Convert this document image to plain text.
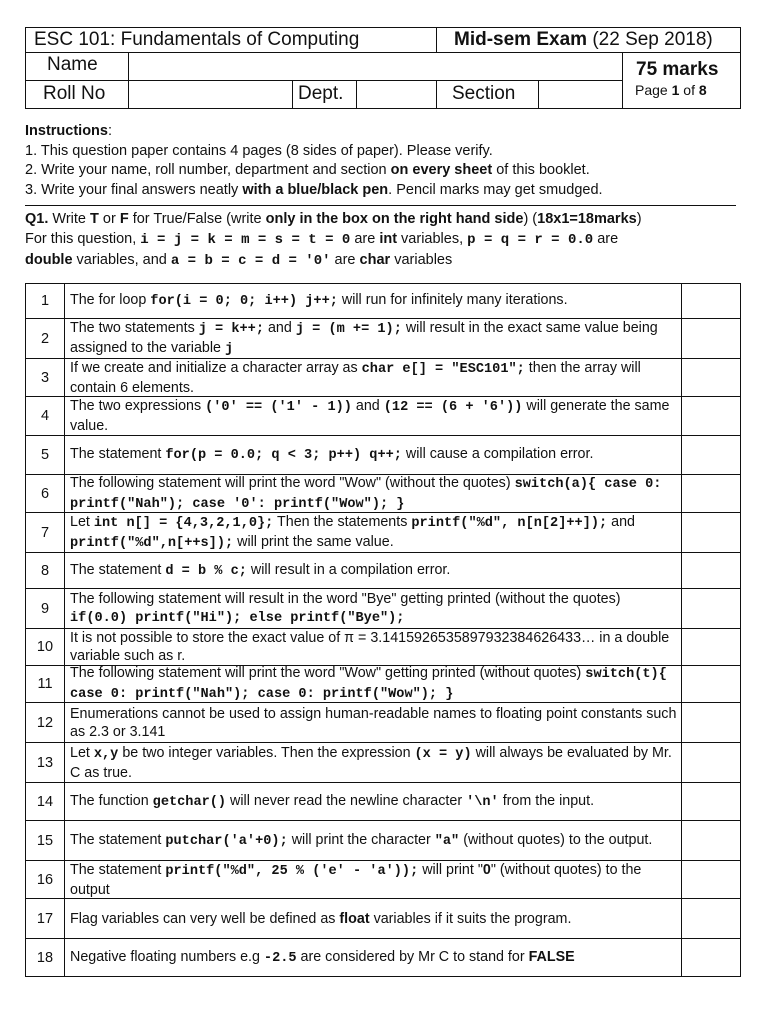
ESC 101: Fundamentals of Computing	Mid-sem Exam (22 Sep 2018)
Name	75 marks
Roll No	Dept.	Section	Page 1 of 8
Instructions:
1. This question paper contains 4 pages (8 sides of paper). Please verify.
2. Write your name, roll number, department and section on every sheet of this booklet.
3. Write your final answers neatly with a blue/black pen. Pencil marks may get smudged.
Q1. Write T or F for True/False (write only in the box on the right hand side) (18x1=18marks)
For this question, i = j = k = m = s = t = 0 are int variables, p = q = r = 0.0 are
double variables, and a = b = c = d = '0' are char variables
1	The for loop for(i = 0; 0; i++) j++; will run for infinitely many iterations.
2
The two statements j = k++; and j = (m += 1); will result in the exact same value being assigned to the variable j
3
If we create and initialize a character array as char e[] = "ESC101"; then the array will contain 6 elements.
4
The two expressions ('0' == ('1' - 1)) and (12 == (6 + '6')) will generate the same value.
5	The statement for(p = 0.0; q < 3; p++) q++; will cause a compilation error.
6
The following statement will print the word "Wow" (without the quotes) switch(a){ case 0: printf("Nah"); case '0': printf("Wow"); }
7
Let int n[] = {4,3,2,1,0}; Then the statements printf("%d", n[n[2]++]); and printf("%d",n[++s]); will print the same value.
8	The statement d = b % c; will result in a compilation error.
9
The following statement will result in the word "Bye" getting printed (without the quotes) if(0.0) printf("Hi"); else printf("Bye");
10
It is not possible to store the exact value of π = 3.1415926535897932384626433… in a double variable such as r.
11
The following statement will print the word "Wow" getting printed (without quotes) switch(t){ case 0: printf("Nah"); case 0: printf("Wow"); }
12
Enumerations cannot be used to assign human-readable names to floating point constants such as 2.3 or 3.141
13
Let x,y be two integer variables. Then the expression (x = y) will always be evaluated by Mr. C as true.
14	The function getchar() will never read the newline character '\n' from the input.
15	The statement putchar('a'+0); will print the character "a" (without quotes) to the output.
16
The statement printf("%d", 25 % ('e' - 'a')); will print "0" (without quotes) to the output
17	Flag variables can very well be defined as float variables if it suits the program.
18	Negative floating numbers e.g -2.5 are considered by Mr C to stand for FALSE
